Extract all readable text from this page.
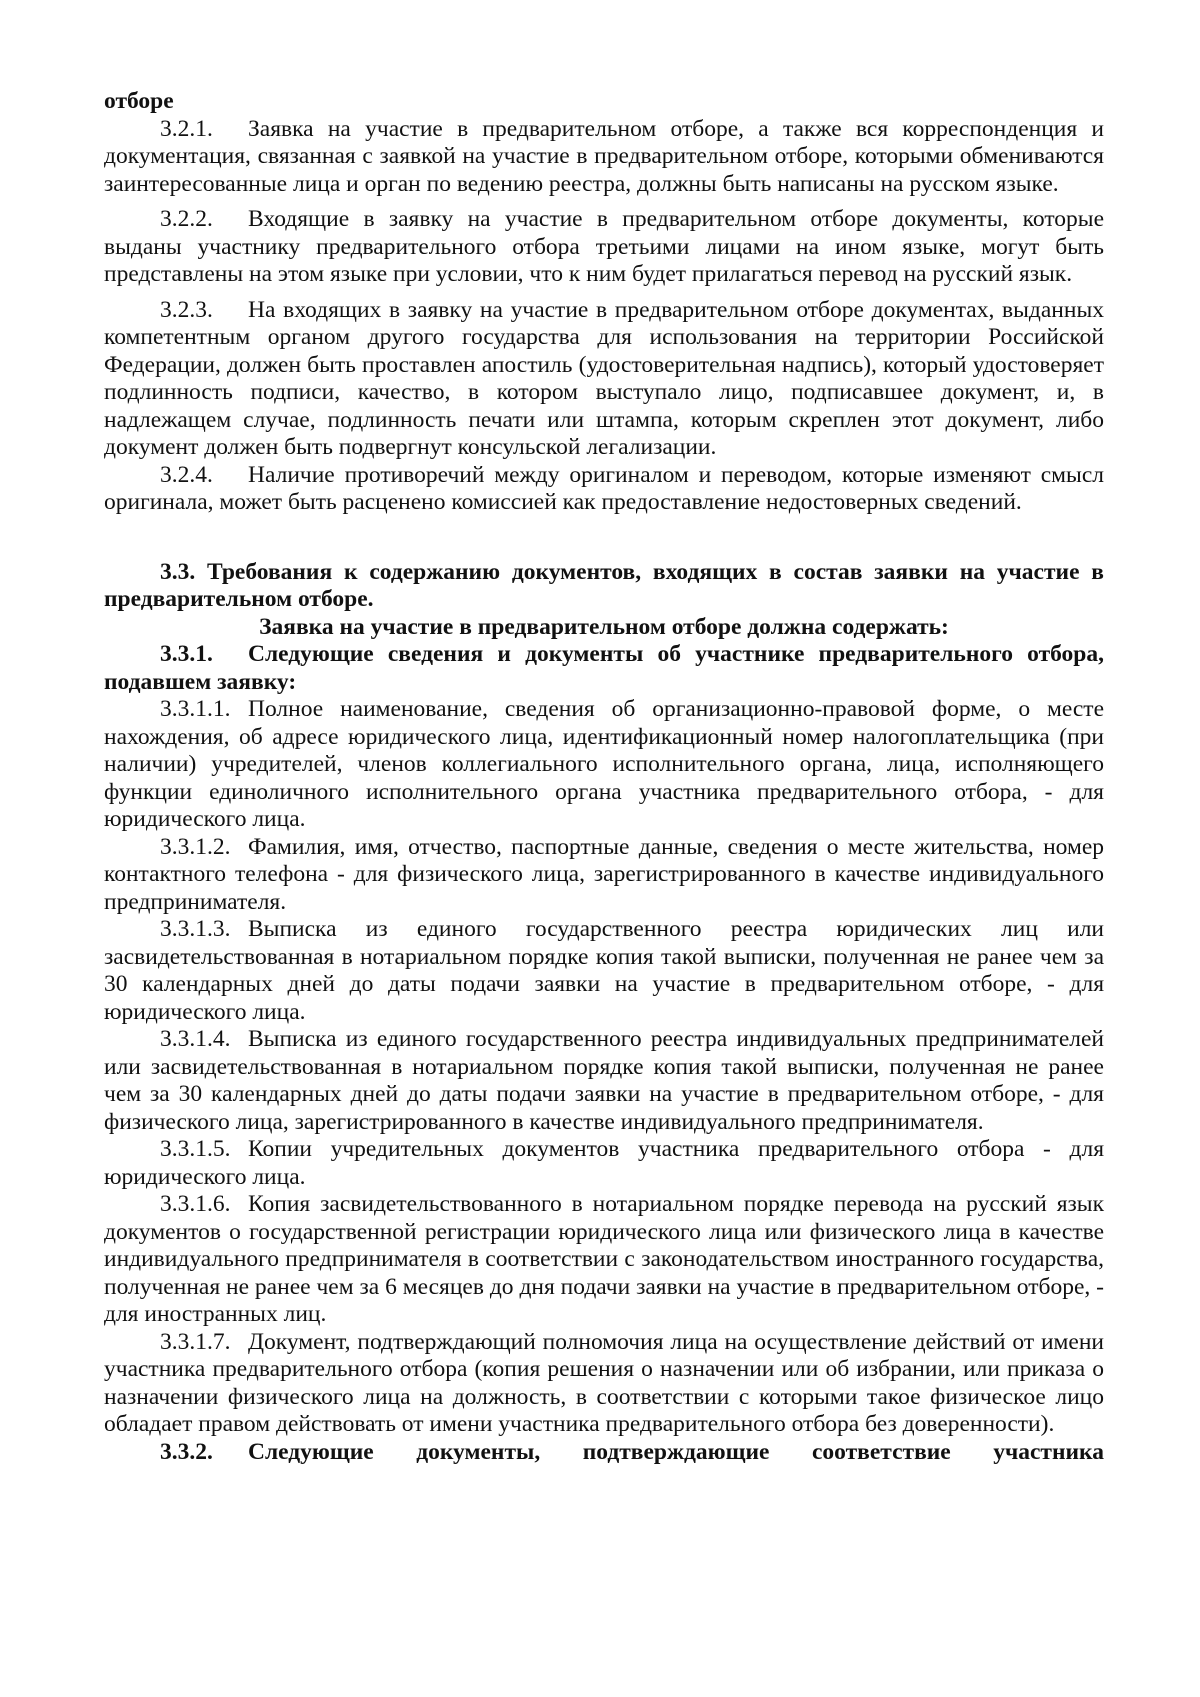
отборе
3.2.1. Заявка на участие в предварительном отборе, а также вся корреспонденция и документация, связанная с заявкой на участие в предварительном отборе, которыми обмениваются заинтересованные лица и орган по ведению реестра, должны быть написаны на русском языке.
3.2.2. Входящие в заявку на участие в предварительном отборе документы, которые выданы участнику предварительного отбора третьими лицами на ином языке, могут быть представлены на этом языке при условии, что к ним будет прилагаться перевод на русский язык.
3.2.3. На входящих в заявку на участие в предварительном отборе документах, выданных компетентным органом другого государства для использования на территории Российской Федерации, должен быть проставлен апостиль (удостоверительная надпись), который удостоверяет подлинность подписи, качество, в котором выступало лицо, подписавшее документ, и, в надлежащем случае, подлинность печати или штампа, которым скреплен этот документ, либо документ должен быть подвергнут консульской легализации.
3.2.4. Наличие противоречий между оригиналом и переводом, которые изменяют смысл оригинала, может быть расценено комиссией как предоставление недостоверных сведений.
3.3. Требования к содержанию документов, входящих в состав заявки на участие в предварительном отборе.
Заявка на участие в предварительном отборе должна содержать:
3.3.1. Следующие сведения и документы об участнике предварительного отбора, подавшем заявку:
3.3.1.1. Полное наименование, сведения об организационно-правовой форме, о месте нахождения, об адресе юридического лица, идентификационный номер налогоплательщика (при наличии) учредителей, членов коллегиального исполнительного органа, лица, исполняющего функции единоличного исполнительного органа участника предварительного отбора, - для юридического лица.
3.3.1.2. Фамилия, имя, отчество, паспортные данные, сведения о месте жительства, номер контактного телефона - для физического лица, зарегистрированного в качестве индивидуального предпринимателя.
3.3.1.3. Выписка из единого государственного реестра юридических лиц или засвидетельствованная в нотариальном порядке копия такой выписки, полученная не ранее чем за 30 календарных дней до даты подачи заявки на участие в предварительном отборе, - для юридического лица.
3.3.1.4. Выписка из единого государственного реестра индивидуальных предпринимателей или засвидетельствованная в нотариальном порядке копия такой выписки, полученная не ранее чем за 30 календарных дней до даты подачи заявки на участие в предварительном отборе, - для физического лица, зарегистрированного в качестве индивидуального предпринимателя.
3.3.1.5. Копии учредительных документов участника предварительного отбора - для юридического лица.
3.3.1.6. Копия засвидетельствованного в нотариальном порядке перевода на русский язык документов о государственной регистрации юридического лица или физического лица в качестве индивидуального предпринимателя в соответствии с законодательством иностранного государства, полученная не ранее чем за 6 месяцев до дня подачи заявки на участие в предварительном отборе, - для иностранных лиц.
3.3.1.7. Документ, подтверждающий полномочия лица на осуществление действий от имени участника предварительного отбора (копия решения о назначении или об избрании, или приказа о назначении физического лица на должность, в соответствии с которыми такое физическое лицо обладает правом действовать от имени участника предварительного отбора без доверенности).
3.3.2. Следующие документы, подтверждающие соответствие участника
